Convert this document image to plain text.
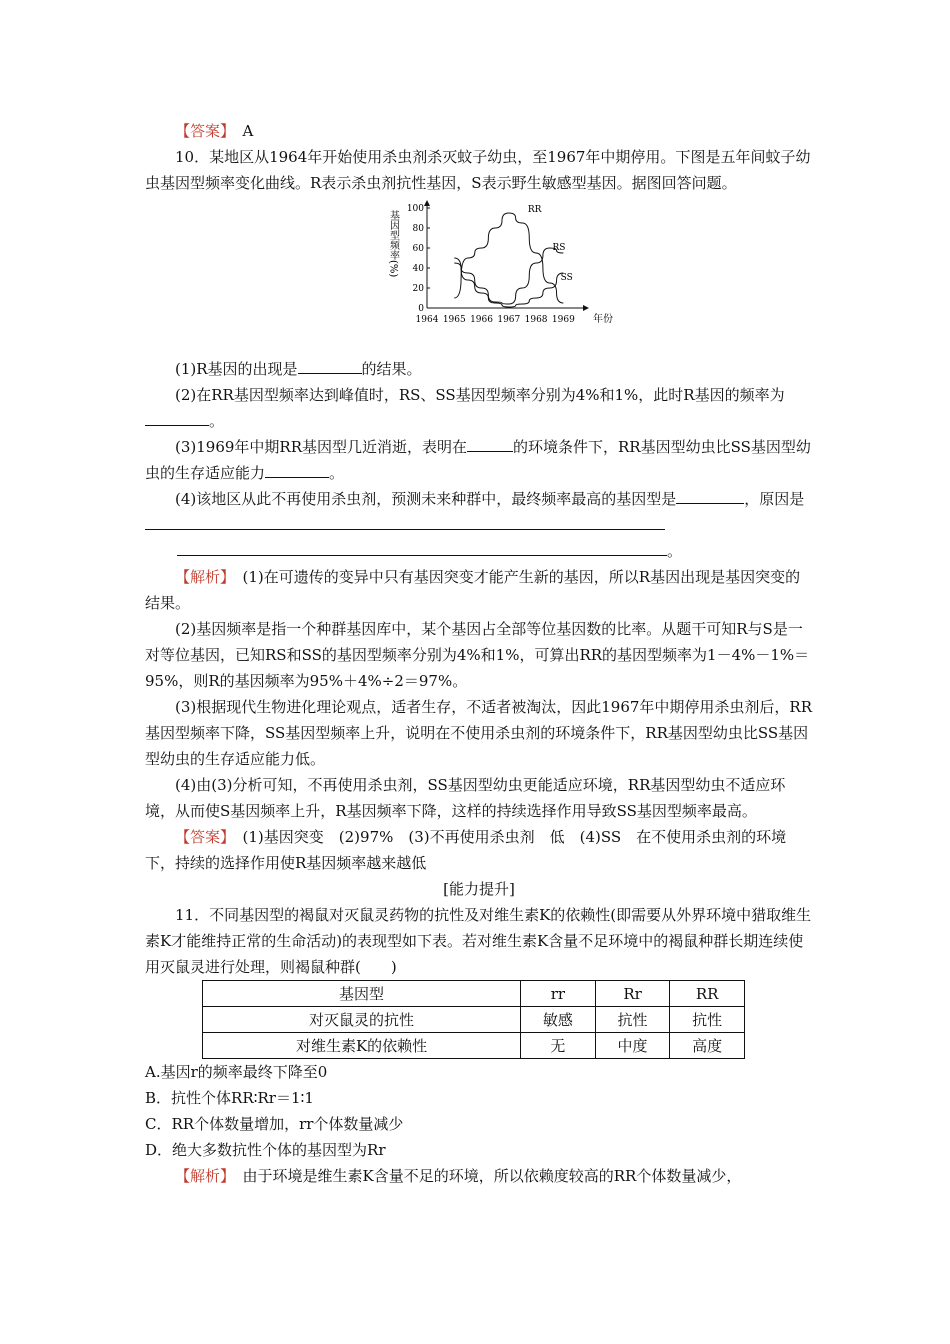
【答案】　 A

10．某地区从1964年开始使用杀虫剂杀灭蚊子幼虫，至1967年中期停用。下图是五年间蚊子幼虫基因型频率变化曲线。R表示杀虫剂抗性基因，S表示野生敏感型基因。据图回答问题。

0
20
40
60
80
100
1964 1965 1966 1967 1968 1969 年份
基因型频率(%)	RR
RS
SS

(1)R基因的出现是	的结果。

(2)在RR基因型频率达到峰值时，RS、SS基因型频率分别为4%和1%，此时R基因的频率为。

(3)1969年中期RR基因型几近消逝，表明在	的环境条件下，RR基因型幼虫比SS基因型幼虫的生存适应能力	。

(4)该地区从此不再使用杀虫剂，预测未来种群中，最终频率最高的基因型是	，原因是

。

【解析】　 (1)在可遗传的变异中只有基因突变才能产生新的基因，所以R基因出现是基因突变的结果。

(2)基因频率是指一个种群基因库中，某个基因占全部等位基因数的比率。从题干可知R与S是一对等位基因，已知RS和SS的基因型频率分别为4%和1%，可算出RR的基因型频率为1－4%－1%＝95%，则R的基因频率为95%＋4%÷2＝97%。

(3)根据现代生物进化理论观点，适者生存，不适者被淘汰，因此1967年中期停用杀虫剂后，RR基因型频率下降，SS基因型频率上升，说明在不使用杀虫剂的环境条件下，RR基因型幼虫比SS基因型幼虫的生存适应能力低。

(4)由(3)分析可知，不再使用杀虫剂，SS基因型幼虫更能适应环境，RR基因型幼虫不适应环境，从而使S基因频率上升，R基因频率下降，这样的持续选择作用导致SS基因型频率最高。

【答案】　 (1)基因突变　(2)97%　(3)不再使用杀虫剂　低　(4)SS　在不使用杀虫剂的环境下，持续的选择作用使R基因频率越来越低

[能力提升]

11．不同基因型的褐鼠对灭鼠灵药物的抗性及对维生素K的依赖性(即需要从外界环境中猎取维生素K才能维持正常的生命活动)的表现型如下表。若对维生素K含量不足环境中的褐鼠种群长期连续使用灭鼠灵进行处理，则褐鼠种群(　　)

基因型	rr	Rr	RR
对灭鼠灵的抗性	敏感	抗性	抗性
对维生素K的依赖性	无	中度	高度

A.基因r的频率最终下降至0

B．抗性个体RR∶Rr＝1∶1

C．RR个体数量增加，rr个体数量减少

D．绝大多数抗性个体的基因型为Rr

【解析】　 由于环境是维生素K含量不足的环境，所以依赖度较高的RR个体数量减少，
